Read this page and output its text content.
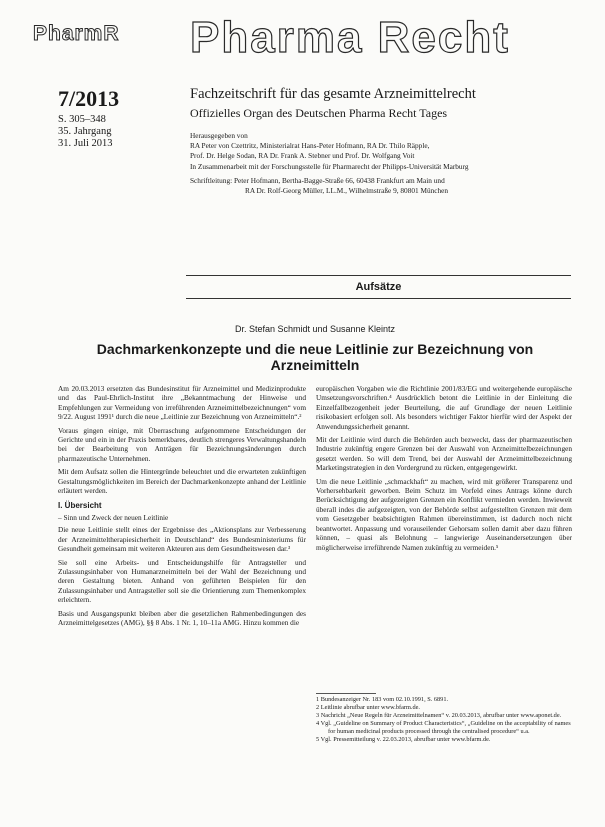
PharmR Pharma Recht
7/2013
S. 305–348
35. Jahrgang
31. Juli 2013
Fachzeitschrift für das gesamte Arzneimittelrecht
Offizielles Organ des Deutschen Pharma Recht Tages
Herausgegeben von
RA Peter von Czettritz, Ministerialrat Hans-Peter Hofmann, RA Dr. Thilo Räpple,
Prof. Dr. Helge Sodan, RA Dr. Frank A. Stebner und Prof. Dr. Wolfgang Voit
In Zusammenarbeit mit der Forschungsstelle für Pharmarecht der Philipps-Universität Marburg
Schriftleitung: Peter Hofmann, Bertha-Bagge-Straße 66, 60438 Frankfurt am Main und
RA Dr. Rolf-Georg Müller, LL.M., Wilhelmstraße 9, 80801 München
Aufsätze
Dr. Stefan Schmidt und Susanne Kleintz
Dachmarkenkonzepte und die neue Leitlinie zur Bezeichnung von Arzneimitteln

Am 20.03.2013 ersetzten das Bundesinstitut für Arzneimittel und Medizinprodukte und das Paul-Ehrlich-Institut ihre „Bekanntmachung der Hinweise und Empfehlungen zur Vermeidung von irreführenden Arzneimittelbezeichnungen“ vom 9/22. August 1991¹ durch die neue „Leitlinie zur Bezeichnung von Arzneimitteln“.²

Voraus gingen einige, mit Überraschung aufgenommene Entscheidungen der Gerichte und ein in der Praxis bemerkbares, deutlich strengeres Verwaltungshandeln bei der Bearbeitung von Anträgen für Bezeichnungsänderungen durch pharmazeutische Unternehmen.

Mit dem Aufsatz sollen die Hintergründe beleuchtet und die erwarteten zukünftigen Gestaltungsmöglichkeiten im Bereich der Dachmarkenkonzepte anhand der Leitlinie erläutert werden.

I. Übersicht
– Sinn und Zweck der neuen Leitlinie

Die neue Leitlinie stellt eines der Ergebnisse des „Aktionsplans zur Verbesserung der Arzneimitteltherapiesicherheit in Deutschland“ des Bundesministeriums für Gesundheit gemeinsam mit weiteren Akteuren aus dem Gesundheitswesen dar.³

Sie soll eine Arbeits- und Entscheidungshilfe für Antragsteller und Zulassungsinhaber von Humanarzneimitteln bei der Wahl der Bezeichnung und deren Gestaltung bieten. Anhand von geführten Beispielen für den Zulassungsinhaber und Antragsteller soll sie die Orientierung zum Themenkomplex erleichtern.

Basis und Ausgangspunkt bleiben aber die gesetzlichen Rahmenbedingungen des Arzneimittelgesetzes (AMG), §§ 8 Abs. 1 Nr. 1, 10–11a AMG. Hinzu kommen die

europäischen Vorgaben wie die Richtlinie 2001/83/EG und weitergehende europäische Umsetzungsvorschriften.⁴ Ausdrücklich betont die Leitlinie in der Einleitung die Einzelfallbezogenheit jeder Beurteilung, die auf Grundlage der neuen Leitlinie risikobasiert erfolgen soll. Als besonders wichtiger Faktor hierfür wird der Aspekt der Anwendungssicherheit genannt.

Mit der Leitlinie wird durch die Behörden auch bezweckt, dass der pharmazeutischen Industrie zukünftig engere Grenzen bei der Auswahl von Arzneimittelbezeichnungen gesetzt werden. So will dem Trend, bei der Auswahl der Arzneimittelbezeichnung Marketingstrategien in den Vordergrund zu rücken, entgegengewirkt.

Um die neue Leitlinie „schmackhaft“ zu machen, wird mit größerer Transparenz und Vorhersehbarkeit geworben. Beim Schutz im Vorfeld eines Antrags könne durch Berücksichtigung der aufgezeigten Grenzen ein Konflikt vermieden werden. Inwieweit überall indes die aufgezeigten, von der Behörde selbst aufgestellten Grenzen mit dem vom Gesetzgeber beabsichtigten Rahmen übereinstimmen, ist dadurch noch nicht beantwortet. Anpassung und vorauseilender Gehorsam sollen damit aber dazu führen können, – quasi als Belohnung – langwierige Auseinandersetzungen über möglicherweise irreführende Namen zukünftig zu vermeiden.⁵

1 Bundesanzeiger Nr. 183 vom 02.10.1991, S. 6891.
2 Leitlinie abrufbar unter www.bfarm.de.
3 Nachricht „Neue Regeln für Arzneimittelnamen“ v. 20.03.2013, abrufbar unter www.aponet.de.
4 Vgl. „Guideline on Summary of Product Characteristics“, „Guideline on the acceptability of names for human medicinal products processed through the centralised procedure“ u.a.
5 Vgl. Pressemitteilung v. 22.03.2013, abrufbar unter www.bfarm.de.
